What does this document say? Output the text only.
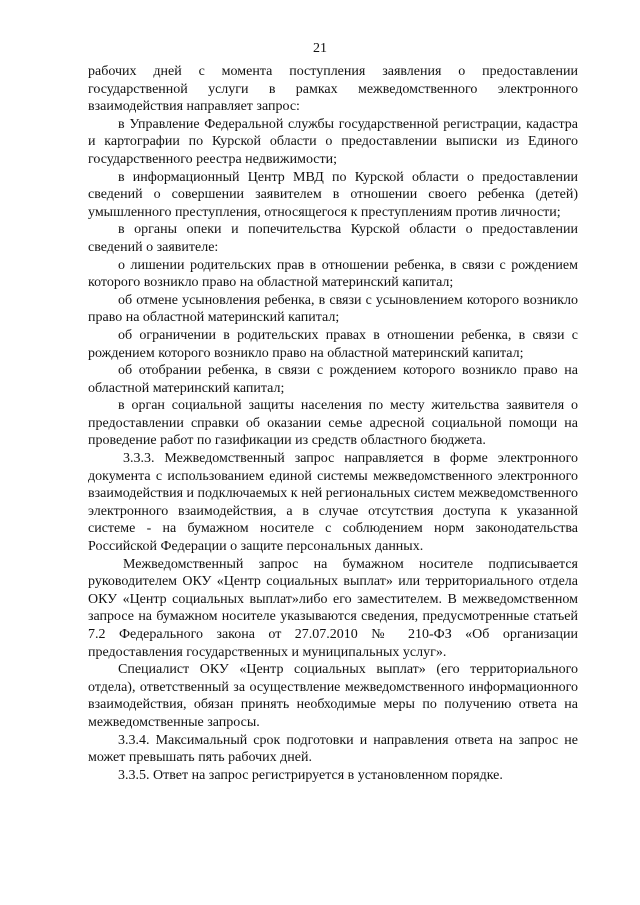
21

рабочих дней с момента поступления заявления о предоставлении государственной услуги в рамках межведомственного электронного взаимодействия направляет запрос:

в Управление Федеральной службы государственной регистрации, кадастра и картографии по Курской области о предоставлении выписки из Единого государственного реестра недвижимости;

в информационный Центр МВД по Курской области о предоставлении сведений о совершении заявителем в отношении своего ребенка (детей) умышленного преступления, относящегося к преступлениям против личности;

в органы опеки и попечительства Курской области о предоставлении сведений о заявителе:

о лишении родительских прав в отношении ребенка, в связи с рождением которого возникло право на областной материнский капитал;

об отмене усыновления ребенка, в связи с усыновлением которого возникло право на областной материнский капитал;

об ограничении в родительских правах в отношении ребенка, в связи с рождением которого возникло право на областной материнский капитал;

об отобрании ребенка, в связи с рождением которого возникло право на областной материнский капитал;

в орган социальной защиты населения по месту жительства заявителя о предоставлении справки об оказании семье адресной социальной помощи на проведение работ по газификации из средств областного бюджета.

3.3.3. Межведомственный запрос направляется в форме электронного документа с использованием единой системы межведомственного электронного взаимодействия и подключаемых к ней региональных систем межведомственного электронного взаимодействия, а в случае отсутствия доступа к указанной системе - на бумажном носителе с соблюдением норм законодательства Российской Федерации о защите персональных данных.

Межведомственный запрос на бумажном носителе подписывается руководителем ОКУ «Центр социальных выплат» или территориального отдела ОКУ «Центр социальных выплат»либо его заместителем. В межведомственном запросе на бумажном носителе указываются сведения, предусмотренные статьей 7.2 Федерального закона от 27.07.2010 № 210-ФЗ «Об организации предоставления государственных и муниципальных услуг».

Специалист ОКУ «Центр социальных выплат» (его территориального отдела), ответственный за осуществление межведомственного информационного взаимодействия, обязан принять необходимые меры по получению ответа на межведомственные запросы.

3.3.4. Максимальный срок подготовки и направления ответа на запрос не может превышать пять рабочих дней.

3.3.5. Ответ на запрос регистрируется в установленном порядке.
